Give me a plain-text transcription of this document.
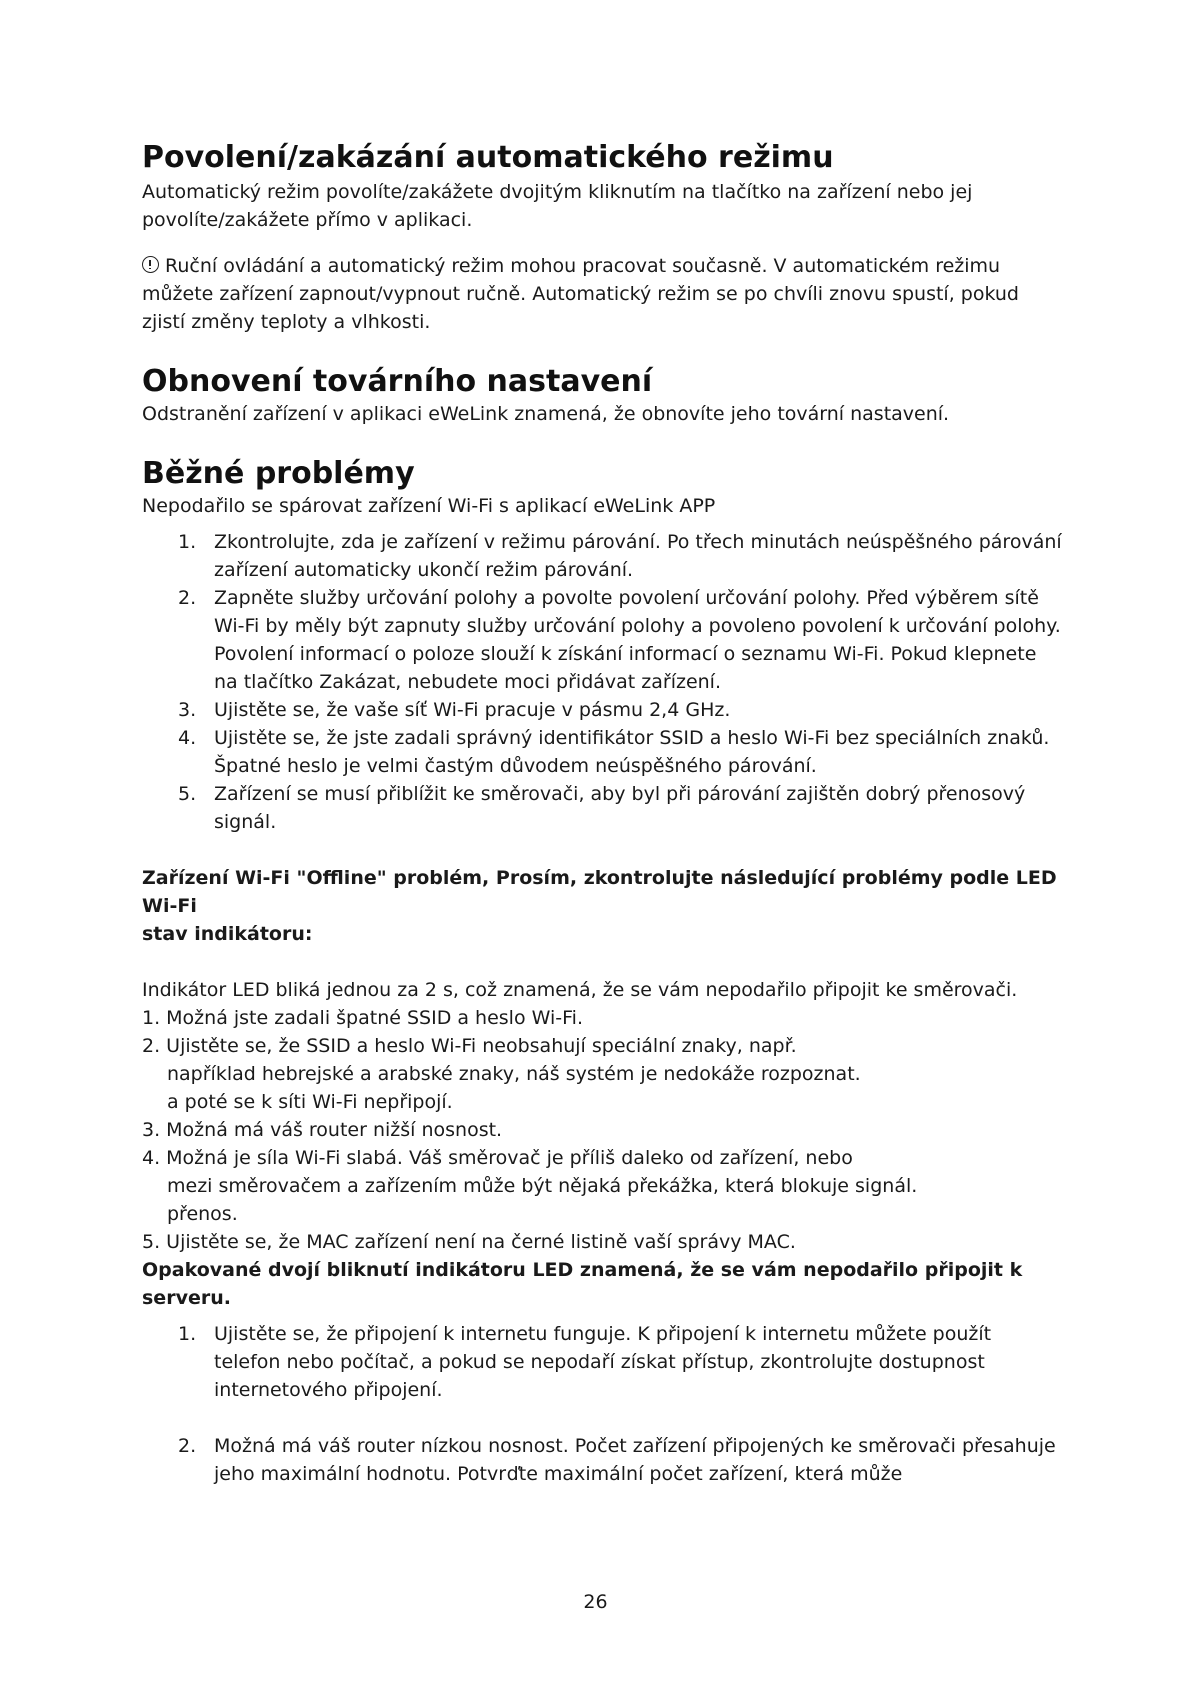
Povolení/zakázání automatického režimu

Automatický režim povolíte/zakážete dvojitým kliknutím na tlačítko na zařízení nebo jej povolíte/zakážete přímo v aplikaci.

Ruční ovládání a automatický režim mohou pracovat současně. V automatickém režimu můžete zařízení zapnout/vypnout ručně. Automatický režim se po chvíli znovu spustí, pokud zjistí změny teploty a vlhkosti.

Obnovení továrního nastavení

Odstranění zařízení v aplikaci eWeLink znamená, že obnovíte jeho tovární nastavení.

Běžné problémy

Nepodařilo se spárovat zařízení Wi-Fi s aplikací eWeLink APP

1. Zkontrolujte, zda je zařízení v režimu párování. Po třech minutách neúspěšného párování zařízení automaticky ukončí režim párování.
2. Zapněte služby určování polohy a povolte povolení určování polohy. Před výběrem sítě Wi-Fi by měly být zapnuty služby určování polohy a povoleno povolení k určování polohy. Povolení informací o poloze slouží k získání informací o seznamu Wi-Fi. Pokud klepnete na tlačítko Zakázat, nebudete moci přidávat zařízení.
3. Ujistěte se, že vaše síť Wi-Fi pracuje v pásmu 2,4 GHz.
4. Ujistěte se, že jste zadali správný identifikátor SSID a heslo Wi-Fi bez speciálních znaků. Špatné heslo je velmi častým důvodem neúspěšného párování.
5. Zařízení se musí přiblížit ke směrovači, aby byl při párování zajištěn dobrý přenosový signál.

Zařízení Wi-Fi "Offline" problém, Prosím, zkontrolujte následující problémy podle LED Wi-Fi

stav indikátoru:

Indikátor LED bliká jednou za 2 s, což znamená, že se vám nepodařilo připojit ke směrovači.

1. Možná jste zadali špatné SSID a heslo Wi-Fi.

2. Ujistěte se, že SSID a heslo Wi-Fi neobsahují speciální znaky, např.

například hebrejské a arabské znaky, náš systém je nedokáže rozpoznat.

a poté se k síti Wi-Fi nepřipojí.

3. Možná má váš router nižší nosnost.

4. Možná je síla Wi-Fi slabá. Váš směrovač je příliš daleko od zařízení, nebo

mezi směrovačem a zařízením může být nějaká překážka, která blokuje signál.

přenos.

5. Ujistěte se, že MAC zařízení není na černé listině vaší správy MAC.

Opakované dvojí bliknutí indikátoru LED znamená, že se vám nepodařilo připojit k serveru.

1. Ujistěte se, že připojení k internetu funguje. K připojení k internetu můžete použít telefon nebo počítač, a pokud se nepodaří získat přístup, zkontrolujte dostupnost internetového připojení.
2. Možná má váš router nízkou nosnost. Počet zařízení připojených ke směrovači přesahuje jeho maximální hodnotu. Potvrďte maximální počet zařízení, která může
26
